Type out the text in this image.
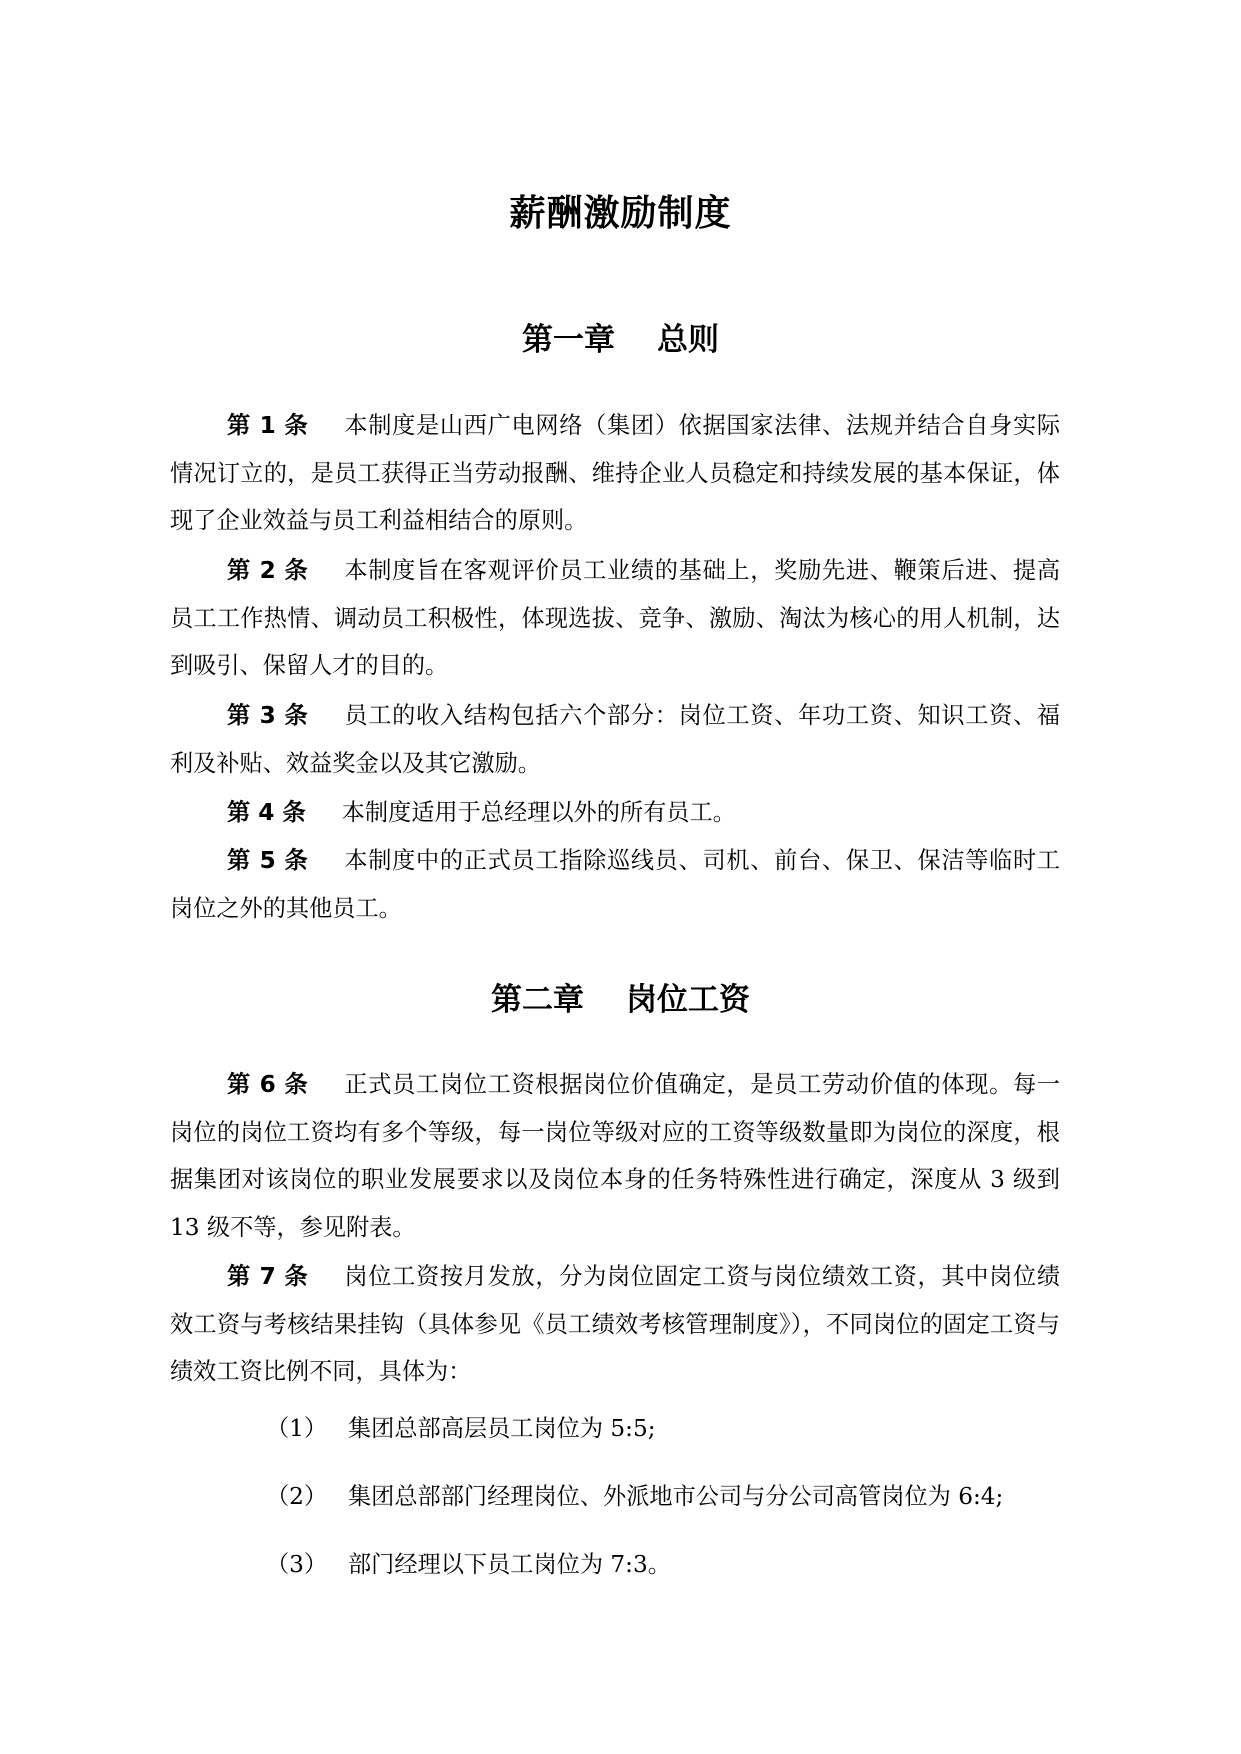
薪酬激励制度
第一章 总则
第 1 条 本制度是山西广电网络（集团）依据国家法律、法规并结合自身实际情况订立的，是员工获得正当劳动报酬、维持企业人员稳定和持续发展的基本保证，体现了企业效益与员工利益相结合的原则。
第 2 条 本制度旨在客观评价员工业绩的基础上，奖励先进、鞭策后进、提高员工工作热情、调动员工积极性，体现选拔、竞争、激励、淘汰为核心的用人机制，达到吸引、保留人才的目的。
第 3 条 员工的收入结构包括六个部分：岗位工资、年功工资、知识工资、福利及补贴、效益奖金以及其它激励。
第 4 条 本制度适用于总经理以外的所有员工。
第 5 条 本制度中的正式员工指除巡线员、司机、前台、保卫、保洁等临时工岗位之外的其他员工。
第二章 岗位工资
第 6 条 正式员工岗位工资根据岗位价值确定，是员工劳动价值的体现。每一岗位的岗位工资均有多个等级，每一岗位等级对应的工资等级数量即为岗位的深度，根据集团对该岗位的职业发展要求以及岗位本身的任务特殊性进行确定，深度从 3 级到 13 级不等，参见附表。
第 7 条 岗位工资按月发放，分为岗位固定工资与岗位绩效工资，其中岗位绩效工资与考核结果挂钩（具体参见《员工绩效考核管理制度》），不同岗位的固定工资与绩效工资比例不同，具体为：
（1） 集团总部高层员工岗位为 5:5;
（2） 集团总部部门经理岗位、外派地市公司与分公司高管岗位为 6:4;
（3） 部门经理以下员工岗位为 7:3。
